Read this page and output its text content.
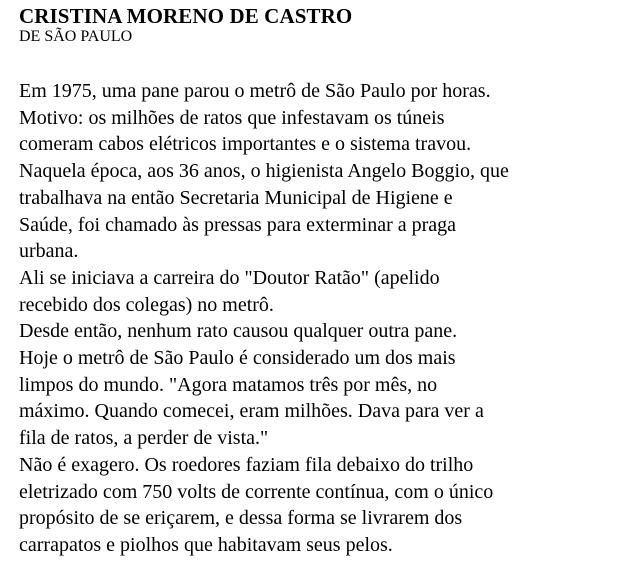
CRISTINA MORENO DE CASTRO

DE SÃO PAULO

Em 1975, uma pane parou o metrô de São Paulo por horas.
Motivo: os milhões de ratos que infestavam os túneis
comeram cabos elétricos importantes e o sistema travou.
Naquela época, aos 36 anos, o higienista Angelo Boggio, que
trabalhava na então Secretaria Municipal de Higiene e
Saúde, foi chamado às pressas para exterminar a praga
urbana.
Ali se iniciava a carreira do "Doutor Ratão" (apelido
recebido dos colegas) no metrô.
Desde então, nenhum rato causou qualquer outra pane.
Hoje o metrô de São Paulo é considerado um dos mais
limpos do mundo. "Agora matamos três por mês, no
máximo. Quando comecei, eram milhões. Dava para ver a
fila de ratos, a perder de vista."
Não é exagero. Os roedores faziam fila debaixo do trilho
eletrizado com 750 volts de corrente contínua, com o único
propósito de se eriçarem, e dessa forma se livrarem dos
carrapatos e piolhos que habitavam seus pelos.
